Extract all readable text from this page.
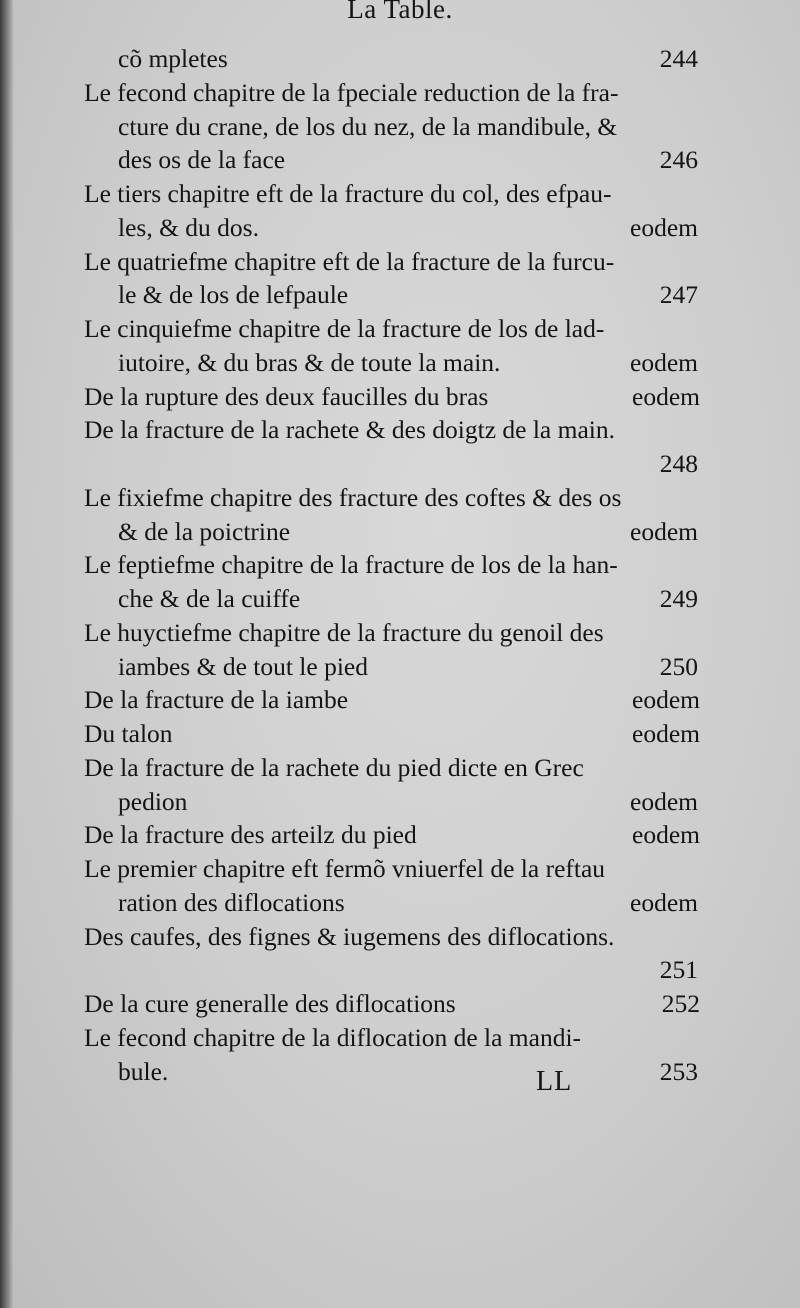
La Table.
cõ mpletes	244
Le fecond chapitre de la fpeciale reduction de la fra-
cture du crane, de los du nez, de la mandibule, &
des os de la face	246
Le tiers chapitre eft de la fracture du col, des efpau-
les, & du dos.	eodem
Le quatriefme chapitre eft de la fracture de la furcu-
le & de los de lefpaule	247
Le cinquiefme chapitre de la fracture de los de lad-
iutoire, & du bras & de toute la main.	eodem
De la rupture des deux faucilles du bras	eodem
De la fracture de la rachete & des doigtz de la main.
248
Le fixiefme chapitre des fracture des coftes & des os
& de la poictrine	eodem
Le feptiefme chapitre de la fracture de los de la han-
che & de la cuiffe	249
Le huyctiefme chapitre de la fracture du genoil des
iambes & de tout le pied	250
De la fracture de la iambe	eodem
Du talon	eodem
De la fracture de la rachete du pied dicte en Grec
pedion	eodem
De la fracture des arteilz du pied	eodem
Le premier chapitre eft fermõ vniuerfel de la reftau
ration des diflocations	eodem
Des caufes, des fignes & iugemens des diflocations.
251
De la cure generalle des diflocations	252
Le fecond chapitre de la diflocation de la mandi-
bule.	253
LL
